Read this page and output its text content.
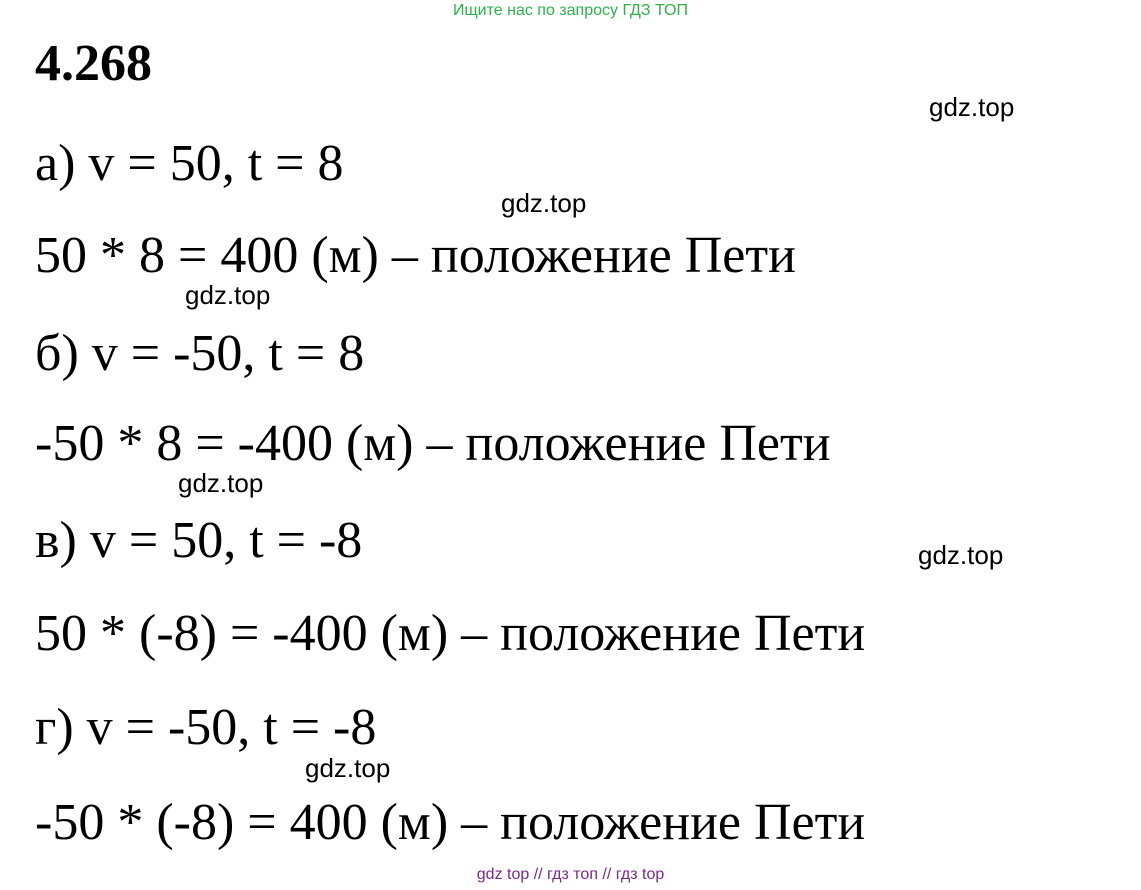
Ищите нас по запросу ГДЗ ТОП
4.268
а) v = 50, t = 8
50 * 8 = 400 (м) – положение Пети
б) v = -50, t = 8
-50 * 8 = -400 (м) – положение Пети
в) v = 50, t = -8
50 * (-8) = -400 (м) – положение Пети
г) v = -50, t = -8
-50 * (-8) = 400 (м) – положение Пети
gdz.top
gdz.top
gdz.top
gdz.top
gdz.top
gdz.top
gdz top // гдз топ // гдз top
